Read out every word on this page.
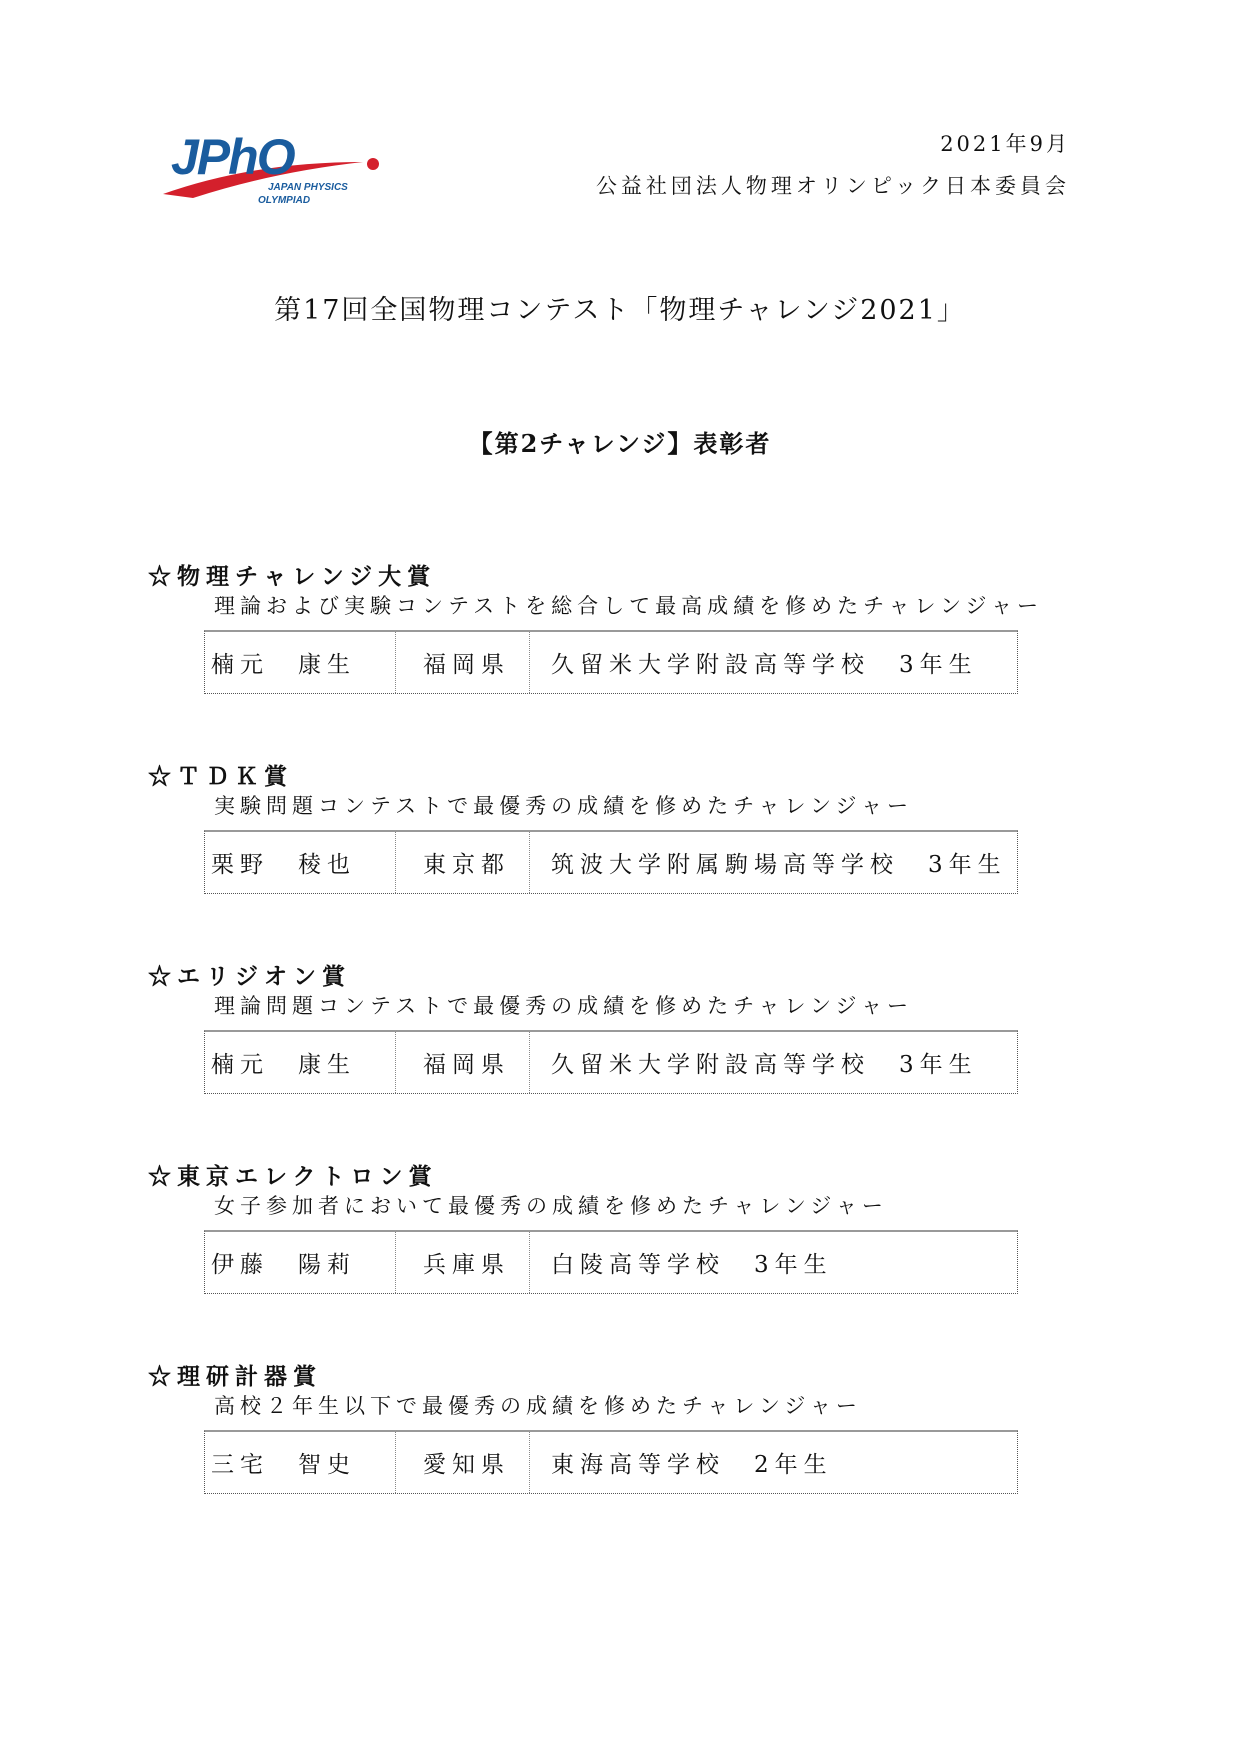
JPhO
JAPAN PHYSICS
OLYMPIAD
2021年9月
公益社団法人物理オリンピック日本委員会
第17回全国物理コンテスト「物理チャレンジ2021」
【第2チャレンジ】表彰者
☆物理チャレンジ大賞
理論および実験コンテストを総合して最高成績を修めたチャレンジャー
楠元　康生	福岡県 久留米大学附設高等学校　3年生
☆ＴＤＫ賞
実験問題コンテストで最優秀の成績を修めたチャレンジャー
栗野　稜也	東京都 筑波大学附属駒場高等学校　3年生
☆エリジオン賞
理論問題コンテストで最優秀の成績を修めたチャレンジャー
楠元　康生	福岡県 久留米大学附設高等学校　3年生
☆東京エレクトロン賞
女子参加者において最優秀の成績を修めたチャレンジャー
伊藤　陽莉	兵庫県 白陵高等学校　3年生
☆理研計器賞
高校２年生以下で最優秀の成績を修めたチャレンジャー
三宅　智史	愛知県 東海高等学校　2年生
